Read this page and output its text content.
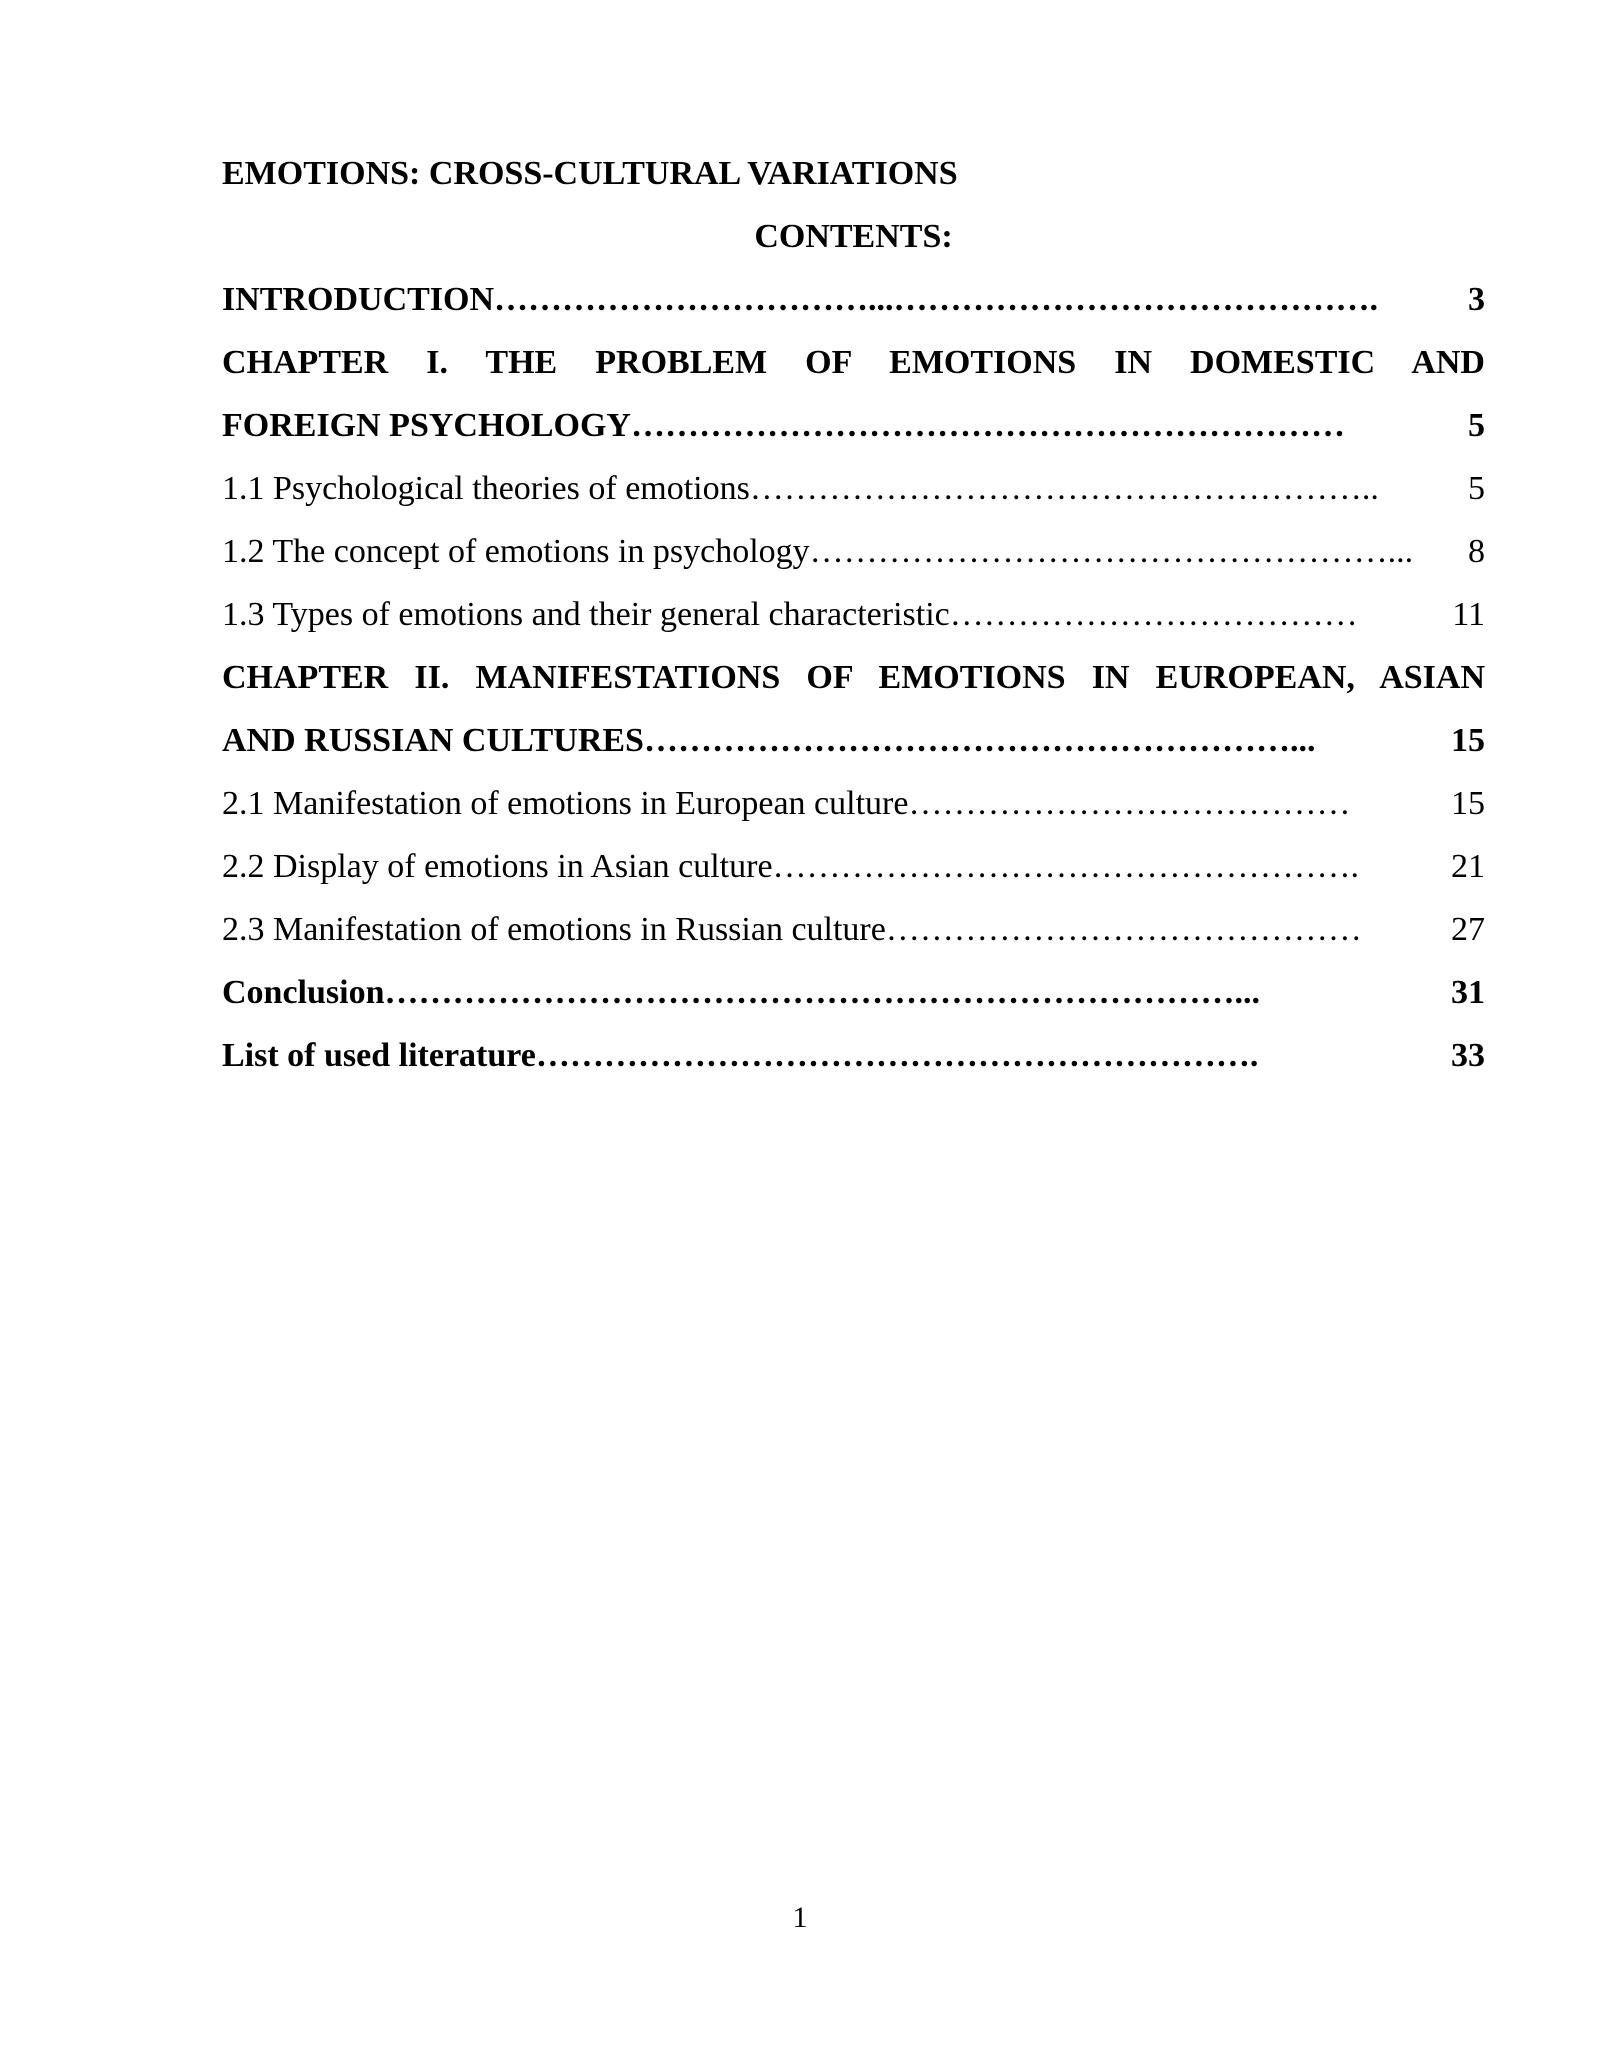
EMOTIONS: CROSS-CULTURAL VARIATIONS
CONTENTS:
INTRODUCTION ……………………………...…………………………………….	3
CHAPTER I. THE PROBLEM OF EMOTIONS IN DOMESTIC AND
FOREIGN PSYCHOLOGY ………………………………………………………	5
1.1 Psychological theories of emotions ………………………………………………..	5
1.2 The concept of emotions in psychology ……………………………………………...	8
1.3 Types of emotions and their general characteristic ………………………………	11
CHAPTER II. MANIFESTATIONS OF EMOTIONS IN EUROPEAN, ASIAN
AND RUSSIAN CULTURES …………………………………………………...	15
2.1 Manifestation of emotions in European culture …………………………………	15
2.2 Display of emotions in Asian culture …………………………………………….	21
2.3 Manifestation of emotions in Russian culture ……………………………………	27
Conclusion …………………………………………………………………...	31
List of used literature ……………………………………………………….	33
1
